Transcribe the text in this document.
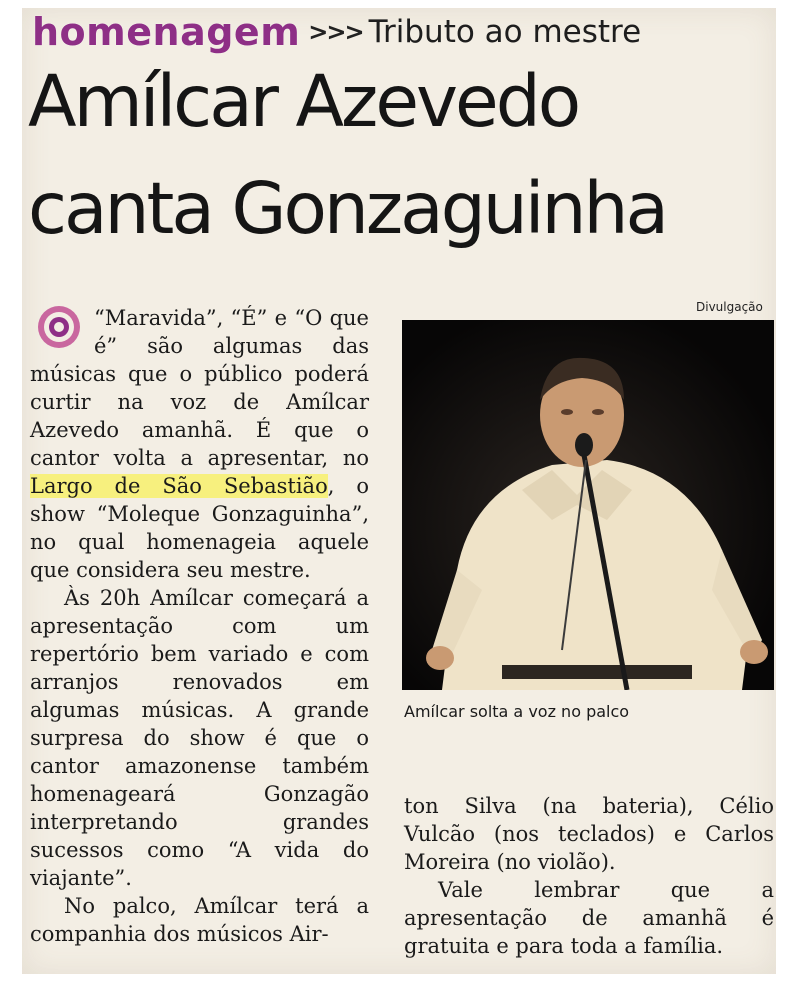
homenagem >>> Tributo ao mestre
Amílcar Azevedo
canta Gonzaguinha

“Maravida”, “É” e “O que é” são algumas das músicas que o público poderá curtir na voz de Amílcar Azevedo amanhã. É que o cantor volta a apresentar, no Largo de São Sebastião, o show “Moleque Gonzaguinha”, no qual homenageia aquele que considera seu mestre.

Às 20h Amílcar começará a apresentação com um repertório bem variado e com arranjos renovados em algumas músicas. A grande surpresa do show é que o cantor amazonense também homenageará Gonzagão interpretando grandes sucessos como “A vida do viajante”.

No palco, Amílcar terá a companhia dos músicos Air-

Divulgação
Amílcar solta a voz no palco

ton Silva (na bateria), Célio Vulcão (nos teclados) e Carlos Moreira (no violão).

Vale lembrar que a apresentação de amanhã é gratuita e para toda a família.
